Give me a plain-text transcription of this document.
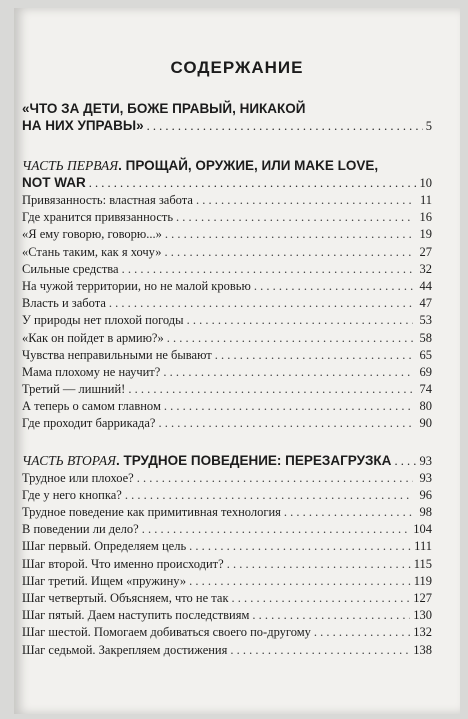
СОДЕРЖАНИЕ
«ЧТО ЗА ДЕТИ, БОЖЕ ПРАВЫЙ, НИКАКОЙ
НА НИХ УПРАВЫ» . . .	5
ЧАСТЬ ПЕРВАЯ. ПРОЩАЙ, ОРУЖИЕ, ИЛИ MAKE LOVE,
NOT WAR . . .	10
Привязанность: властная забота . . .	11
Где хранится привязанность . . .	16
«Я ему говорю, говорю...» . . .	19
«Стань таким, как я хочу» . . .	27
Сильные средства . . .	32
На чужой территории, но не малой кровью . . .	44
Власть и забота . . .	47
У природы нет плохой погоды . . .	53
«Как он пойдет в армию?» . . .	58
Чувства неправильными не бывают . . .	65
Мама плохому не научит? . . .	69
Третий — лишний! . . .	74
А теперь о самом главном . . .	80
Где проходит баррикада? . . .	90
ЧАСТЬ ВТОРАЯ. ТРУДНОЕ ПОВЕДЕНИЕ: ПЕРЕЗАГРУЗКА . . . 93
Трудное или плохое? . . .	93
Где у него кнопка? . . .	96
Трудное поведение как примитивная технология . . .	98
В поведении ли дело? . . .	104
Шаг первый. Определяем цель . . .	111
Шаг второй. Что именно происходит? . . .	115
Шаг третий. Ищем «пружину» . . .	119
Шаг четвертый. Объясняем, что не так . . .	127
Шаг пятый. Даем наступить последствиям . . .	130
Шаг шестой. Помогаем добиваться своего по-другому . . .	132
Шаг седьмой. Закрепляем достижения . . .	138
